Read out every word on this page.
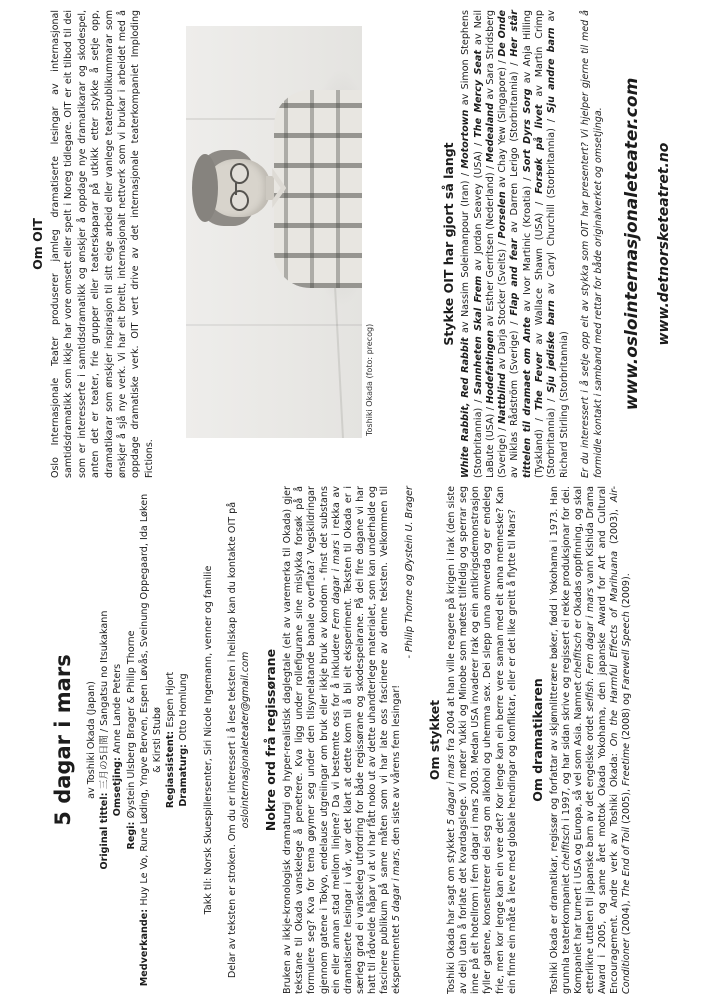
5 dagar i mars av Toshiki Okada (Japan)
Original tittel: 三月の5日間 / Sangatsu no Itsukakann Omsetjing: Anne Lande Peters
Regi: Øystein Ulsberg Brager & Philip Thorne
Medverkande: Huy Le Vo, Rune Løding, Yngve Berven, Espen Løvås, Sveinung Oppegaard, Ida Løken & Kirsti Stubø Regiassistent: Espen Hjort
Dramaturg: Otto Homlung Takk til: Norsk Skuespillersenter, Siri Nicole Ingemann, venner og familie Delar av teksten er stroken. Om du er interessert i å lese teksten i heilskap kan du kontakte OIT på oslointernasjonaleteater@gmail.com Nokre ord frå regissørane Bruken av ikkje-kronologisk dramaturgi og hyper-realistisk daglegtale (eit av varemerka til Okada) gjer tekstane til Okada vanskelege å penetrere. Kva ligg under rollefigurane sine mislykka forsøk på å formulere seg? Kva for tema gøymer seg under den tilsynelatande banale overflata? Vegskildringar gjennom gatene i Tokyo, endelause utgreiingar om bruk eller ikkje bruk av kondom - finst det substans ein eller annan stad mellom linjene? Da vi bestemte oss for å inkludere Fem dagar i mars i rekka av dramatiserte lesingar i vår, var det klart at dette kom til å bli eit eksperiment. Teksten til Okada er i særleg grad ei vanskeleg utfordring for både regissørane og skodespelarane. På dei fire dagane vi har hatt til rådvelde håpar vi at vi har fått noko ut av dette uhandterlege materialet, som kan underhalde og fascinere publikum på same måten som vi har late oss fascinere av denne teksten. Velkommen til eksperimentet 5 dagar i mars, den siste av vårens fem lesingar!
- Philip Thorne og Øystein U. Brager
Om stykket
Toshiki Okada har sagt om stykket 5 dagar i mars fra 2004 at han ville reagere på krigen i Irak (den siste av dei) utan å forlate det kvardagslege. Vi møter Yukki og Minobe som møtest tilfeldig og sperrar seg inne på eit hotellrom i fem dagar i mars 2003. Medan USA invaderer Irak og ein antikrigsdemonstrasjon fyller gatene, konsentrerer dei seg om alkohol og uhemma sex. Dei slepp unna omverda og er endeleg frie, men kor lenge kan ein vere det? Kor lenge kan ein berre vere saman med eit anna menneske? Kan ein finne ein måte å leve med globale hendingar og konfliktar, eller er det like greitt å flytte til Mars? Om dramatikaren Toshiki Okada er dramatikar, regissør og forfattar av skjønnlitterære bøker, fødd i Yokohama i 1973. Han grunnla teaterkompaniet chelfitsch i 1997, og har sidan skrive og regissert ei rekke produksjonar for dei. Kompaniet har turnert i USA og Europa, så vel som Asia. Namnet chelfitsch er Okadas oppfinning, og skal etterlikne uttalen til japanske barn av det engelske ordet selfish. Fem dagar i mars vann Kishida Drama Award i 2005, og same året mottok Okada Yokohama, den japanske Award for Art and Cultural Encouragement. Andre verk av Toshiki Okada: On the Harmful Effects of Marihuana (2003), Air-Conditioner (2004), The End of Toil (2005), Freetime (2008) og Farewell Speech (2009).
Om OIT Oslo Internasjonale Teater produserer jamleg dramatiserte lesingar av internasjonal samtidsdramatikk som ikkje har vore omsett eller spelt i Noreg tidlegare. OIT er eit tilbod til dei som er interesserte i samtidsdramatikk og ønskjer å oppdage nye dramatikarar og skodespel, anten det er teater, frie grupper eller teaterskaparar på utkikk etter stykke å setje opp, dramatikarar som ønskjer inspirasjon til sitt eige arbeid eller vanlege teaterpublikummarar som ønskjer å sjå nye verk. Vi har eit breitt, internasjonalt nettverk som vi brukar i arbeidet med å oppdage dramatiske verk. OIT vert drive av det internasjonale teaterkompaniet Imploding Fictions.
Toshiki Okada (foto: precog)
Stykke OIT har gjort så langt
White Rabbit, Red Rabbit av Nassim Soleimanpour (Iran) / Motortown av Simon Stephens (Storbritannia) / Sannheten Skal Frem av Jordan Seavey (USA) / The Mercy Seat av Neil LaBute (USA) / Hodefatingen av Esther Gerritsen (Nederland) / Medealand av Sara Stridsberg (Sverige) / Nattblind av Darja Stocker (Sveits) / Porselen av Chay Yew (Singapore) / De Onde av Niklas Rådström (Sverige) / Flap and fear av Darren Lerigo (Storbritannia) / Her står tittelen til dramaet om Ante av Ivor Martinic (Kroatia) / Sort Dyrs Sorg av Anja Hilling (Tyskland) / The Fever av Wallace Shawn (USA) / Forsøk på livet av Martin Crimp (Storbritannia) / Sju jødiske barn av Caryl Churchill (Storbritannia) / Sju andre barn av Richard Stirling (Storbritannia) Er du interessert i å setje opp eit av stykka som OIT har presentert? Vi hjelper gjerne til med å formidle kontakt i samband med rettar for både originalverket og omsetjinga. www.oslointernasjonaleteater.com www.detnorsketeatret.no
